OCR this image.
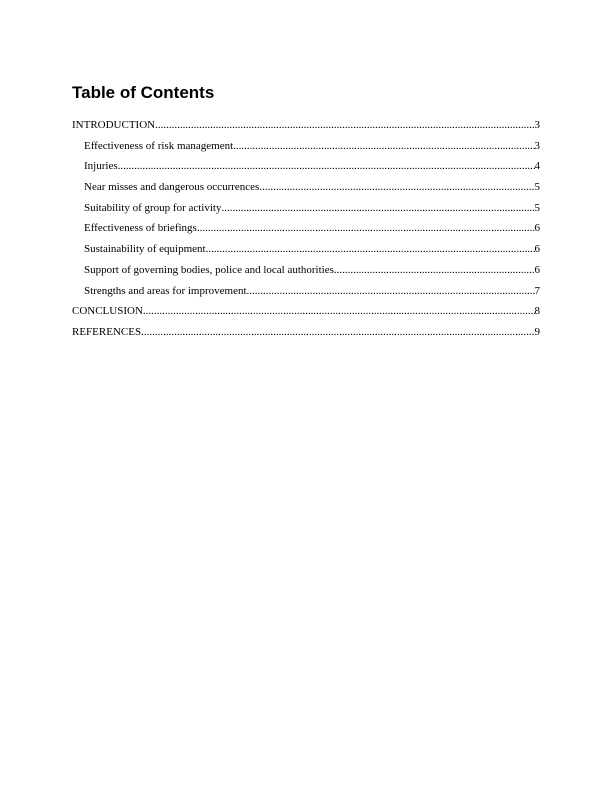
Table of Contents
INTRODUCTION .....	3
Effectiveness of risk management .....	3
Injuries .....	4
Near misses and dangerous occurrences .....	5
Suitability of group for activity .....	5
Effectiveness of briefings .....	6
Sustainability of equipment .....	6
Support of governing bodies, police and local authorities .....	6
Strengths and areas for improvement .....	7
CONCLUSION .....	8
REFERENCES .....	9
